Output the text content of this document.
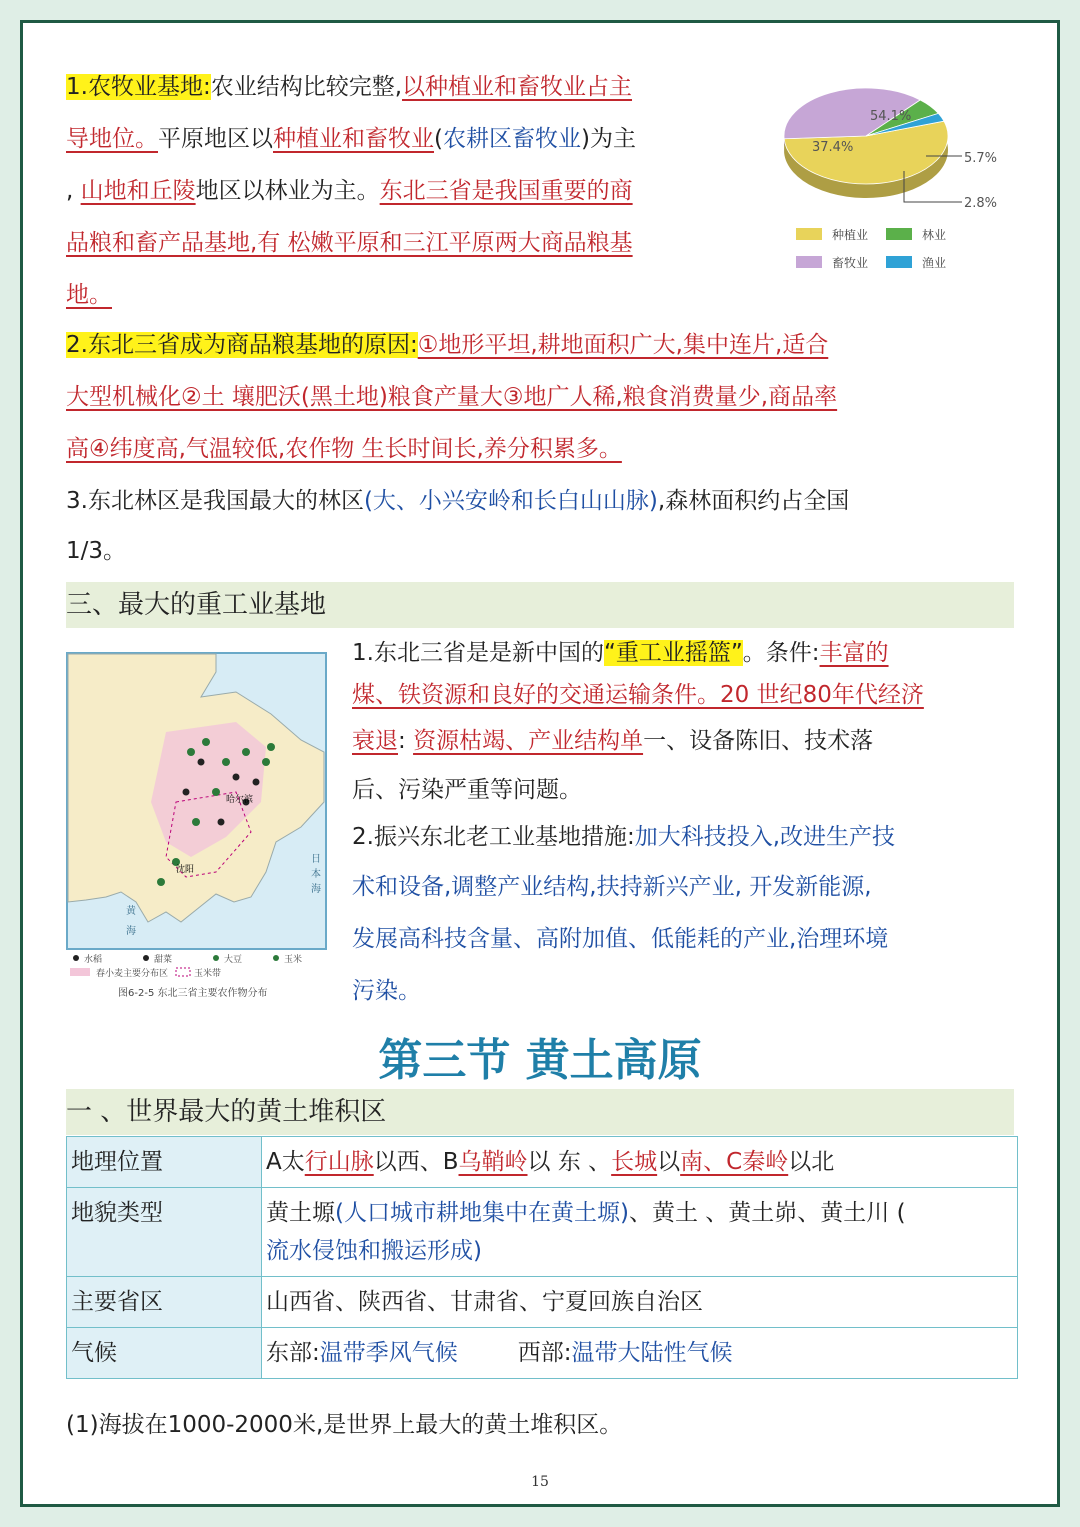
1.农牧业基地:农业结构比较完整,以种植业和畜牧业占主
导地位。平原地区以种植业和畜牧业(农耕区畜牧业)为主
, 山地和丘陵地区以林业为主。东北三省是我国重要的商
品粮和畜产品基地,有 松嫩平原和三江平原两大商品粮基
地。
54.1%
37.4%
5.7%
2.8%
种植业	林业
畜牧业	渔业
2.东北三省成为商品粮基地的原因:①地形平坦,耕地面积广大,集中连片,适合
大型机械化②土 壤肥沃(黑土地)粮食产量大③地广人稀,粮食消费量少,商品率
高④纬度高,气温较低,农作物 生长时间长,养分积累多。
3.东北林区是我国最大的林区(大、小兴安岭和长白山山脉),森林面积约占全国
1/3。
三、最大的重工业基地
哈尔滨
沈阳
日
本
海
黄
海
水稻	甜菜	大豆	玉米
春小麦主要分布区	玉米带
图6-2-5 东北三省主要农作物分布
1.东北三省是是新中国的“重工业摇篮”。条件:丰富的
煤、铁资源和良好的交通运输条件。20 世纪80年代经济
衰退: 资源枯竭、产业结构单一、设备陈旧、技术落
后、污染严重等问题。
2.振兴东北老工业基地措施:加大科技投入,改进生产技
术和设备,调整产业结构,扶持新兴产业, 开发新能源,
发展高科技含量、高附加值、低能耗的产业,治理环境
污染。
第三节 黄土高原
一 、世界最大的黄土堆积区
地理位置	A太行山脉以西、B乌鞘岭以 东 、长城以南、C秦岭以北
地貌类型	黄土塬(人口城市耕地集中在黄土塬)、黄土 、黄土峁、黄土川 (
流水侵蚀和搬运形成)
主要省区	山西省、陕西省、甘肃省、宁夏回族自治区
气候	东部:温带季风气候 西部:温带大陆性气候
(1)海拔在1000-2000米,是世界上最大的黄土堆积区。
15
